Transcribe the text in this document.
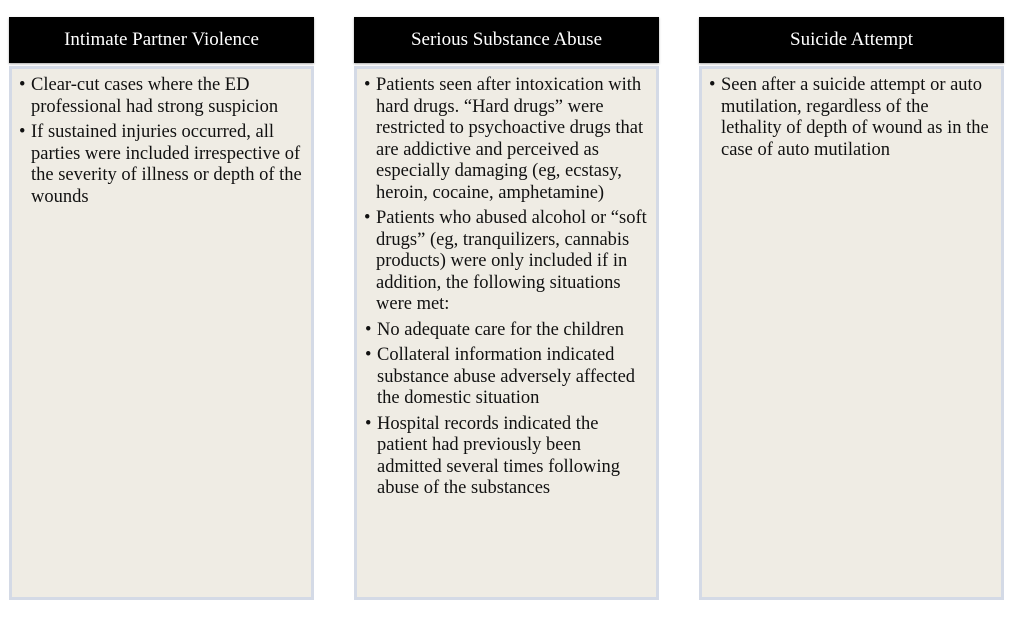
Intimate Partner Violence
• Clear-cut cases where the ED professional had strong suspicion
• If sustained injuries occurred, all parties were included irrespective of the severity of illness or depth of the wounds
Serious Substance Abuse
• Patients seen after intoxication with hard drugs. “Hard drugs” were restricted to psychoactive drugs that are addictive and perceived as especially damaging (eg, ecstasy, heroin, cocaine, amphetamine)
• Patients who abused alcohol or “soft drugs” (eg, tranquilizers, cannabis products) were only included if in addition, the following situations were met:
• No adequate care for the children
• Collateral information indicated substance abuse adversely affected the domestic situation
• Hospital records indicated the patient had previously been admitted several times following abuse of the substances
Suicide Attempt
• Seen after a suicide attempt or auto mutilation, regardless of the lethality of depth of wound as in the case of auto mutilation
